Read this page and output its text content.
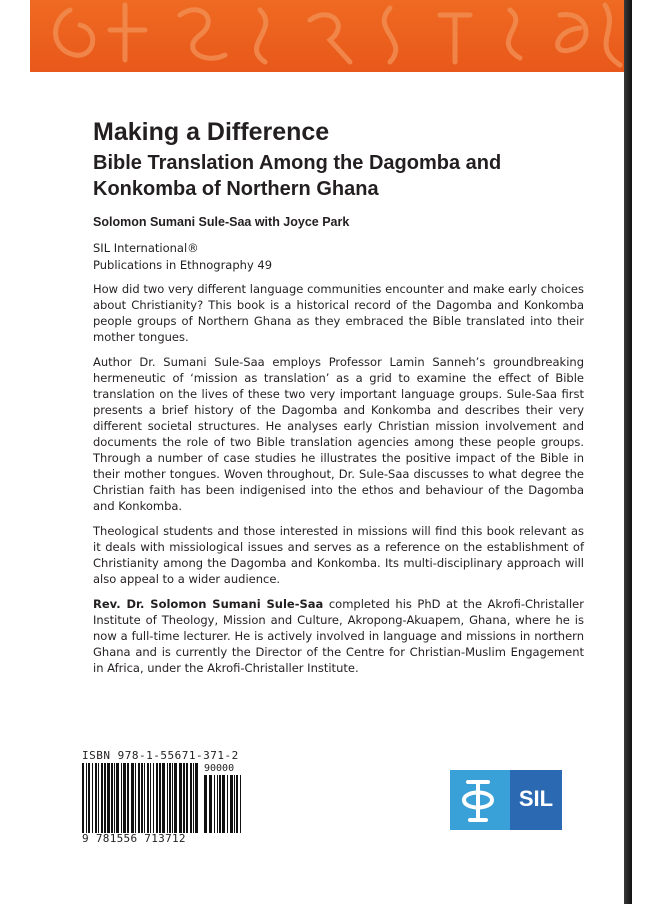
Making a Difference
Bible Translation Among the Dagomba and
Konkomba of Northern Ghana
Solomon Sumani Sule-Saa with Joyce Park
SIL International®
Publications in Ethnography 49

How did two very different language communities encounter and make early choices about Christianity? This book is a historical record of the Dagomba and Konkomba people groups of Northern Ghana as they embraced the Bible translated into their mother tongues.

Author Dr. Sumani Sule-Saa employs Professor Lamin Sanneh’s groundbreaking hermeneutic of ‘mission as translation’ as a grid to examine the effect of Bible translation on the lives of these two very important language groups. Sule-Saa first presents a brief history of the Dagomba and Konkomba and describes their very different societal structures. He analyses early Christian mission involvement and documents the role of two Bible translation agencies among these people groups. Through a number of case studies he illustrates the positive impact of the Bible in their mother tongues. Woven throughout, Dr. Sule-Saa discusses to what degree the Christian faith has been indigenised into the ethos and behaviour of the Dagomba and Konkomba.

Theological students and those interested in missions will find this book relevant as it deals with missiological issues and serves as a reference on the establishment of Christianity among the Dagomba and Konkomba. Its multi-disciplinary approach will also appeal to a wider audience.

Rev. Dr. Solomon Sumani Sule-Saa completed his PhD at the Akrofi-Christaller Institute of Theology, Mission and Culture, Akropong-Akuapem, Ghana, where he is now a full-time lecturer. He is actively involved in language and missions in northern Ghana and is currently the Director of the Centre for Christian-Muslim Engagement in Africa, under the Akrofi-Christaller Institute.

ISBN 978-1-55671-371-2
90000
9 781556 713712
SIL
